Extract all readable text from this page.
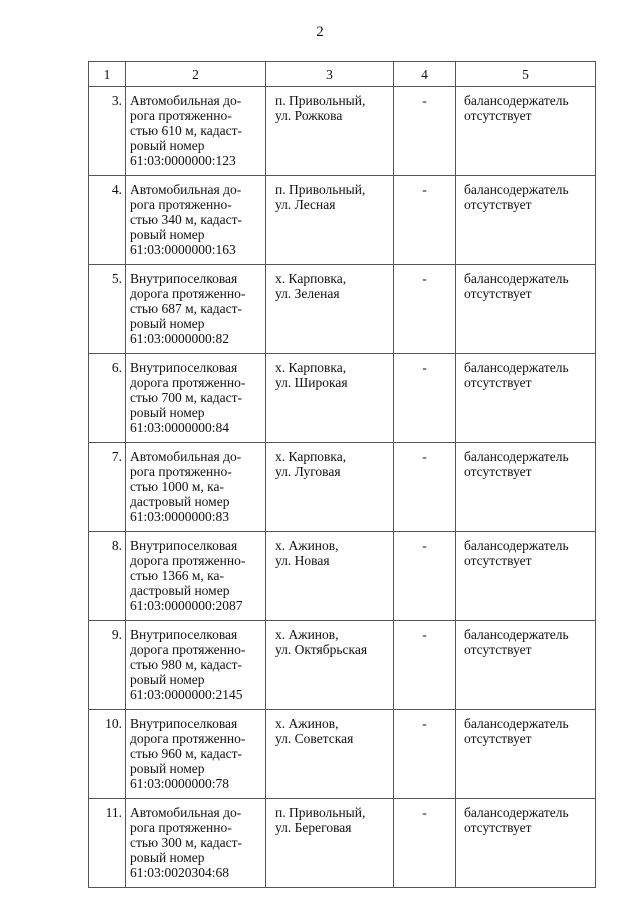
2
1	2	3	4	5
3.	Автомобильная до-
рога протяженно-
стью 610 м, кадаст-
ровый номер
61:03:0000000:123	п. Привольный,
ул. Рожкова	-	балансодержатель
отсутствует

4.	Автомобильная до-
рога протяженно-
стью 340 м, кадаст-
ровый номер
61:03:0000000:163	п. Привольный,
ул. Лесная	-	балансодержатель
отсутствует

5.	Внутрипоселковая
дорога протяженно-
стью 687 м, кадаст-
ровый номер
61:03:0000000:82	х. Карповка,
ул. Зеленая	-	балансодержатель
отсутствует

6.	Внутрипоселковая
дорога протяженно-
стью 700 м, кадаст-
ровый номер
61:03:0000000:84	х. Карповка,
ул. Широкая	-	балансодержатель
отсутствует

7.	Автомобильная до-
рога протяженно-
стью 1000 м, ка-
дастровый номер
61:03:0000000:83	х. Карповка,
ул. Луговая	-	балансодержатель
отсутствует

8.	Внутрипоселковая
дорога протяженно-
стью 1366 м, ка-
дастровый номер
61:03:0000000:2087	х. Ажинов,
ул. Новая	-	балансодержатель
отсутствует

9.	Внутрипоселковая
дорога протяженно-
стью 980 м, кадаст-
ровый номер
61:03:0000000:2145	х. Ажинов,
ул. Октябрьская	-	балансодержатель
отсутствует

10.	Внутрипоселковая
дорога протяженно-
стью 960 м, кадаст-
ровый номер
61:03:0000000:78	х. Ажинов,
ул. Советская	-	балансодержатель
отсутствует

11.	Автомобильная до-
рога протяженно-
стью 300 м, кадаст-
ровый номер
61:03:0020304:68	п. Привольный,
ул. Береговая	-	балансодержатель
отсутствует
